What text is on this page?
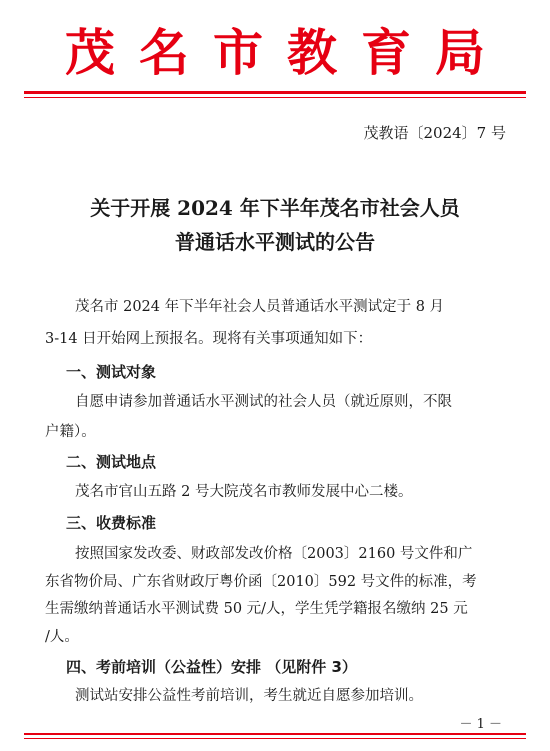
茂名市教育局
茂教语〔2024〕7 号
关于开展 2024 年下半年茂名市社会人员
普通话水平测试的公告
茂名市 2024 年下半年社会人员普通话水平测试定于 8 月
3-14 日开始网上预报名。现将有关事项通知如下：
一、测试对象
自愿申请参加普通话水平测试的社会人员（就近原则，不限
户籍）。
二、测试地点
茂名市官山五路 2 号大院茂名市教师发展中心二楼。
三、收费标准
按照国家发改委、财政部发改价格〔2003〕2160 号文件和广
东省物价局、广东省财政厅粤价函〔2010〕592 号文件的标准，考
生需缴纳普通话水平测试费 50 元/人，学生凭学籍报名缴纳 25 元
/人。
四、考前培训（公益性）安排 （见附件 3）
测试站安排公益性考前培训，考生就近自愿参加培训。
－ 1 －
